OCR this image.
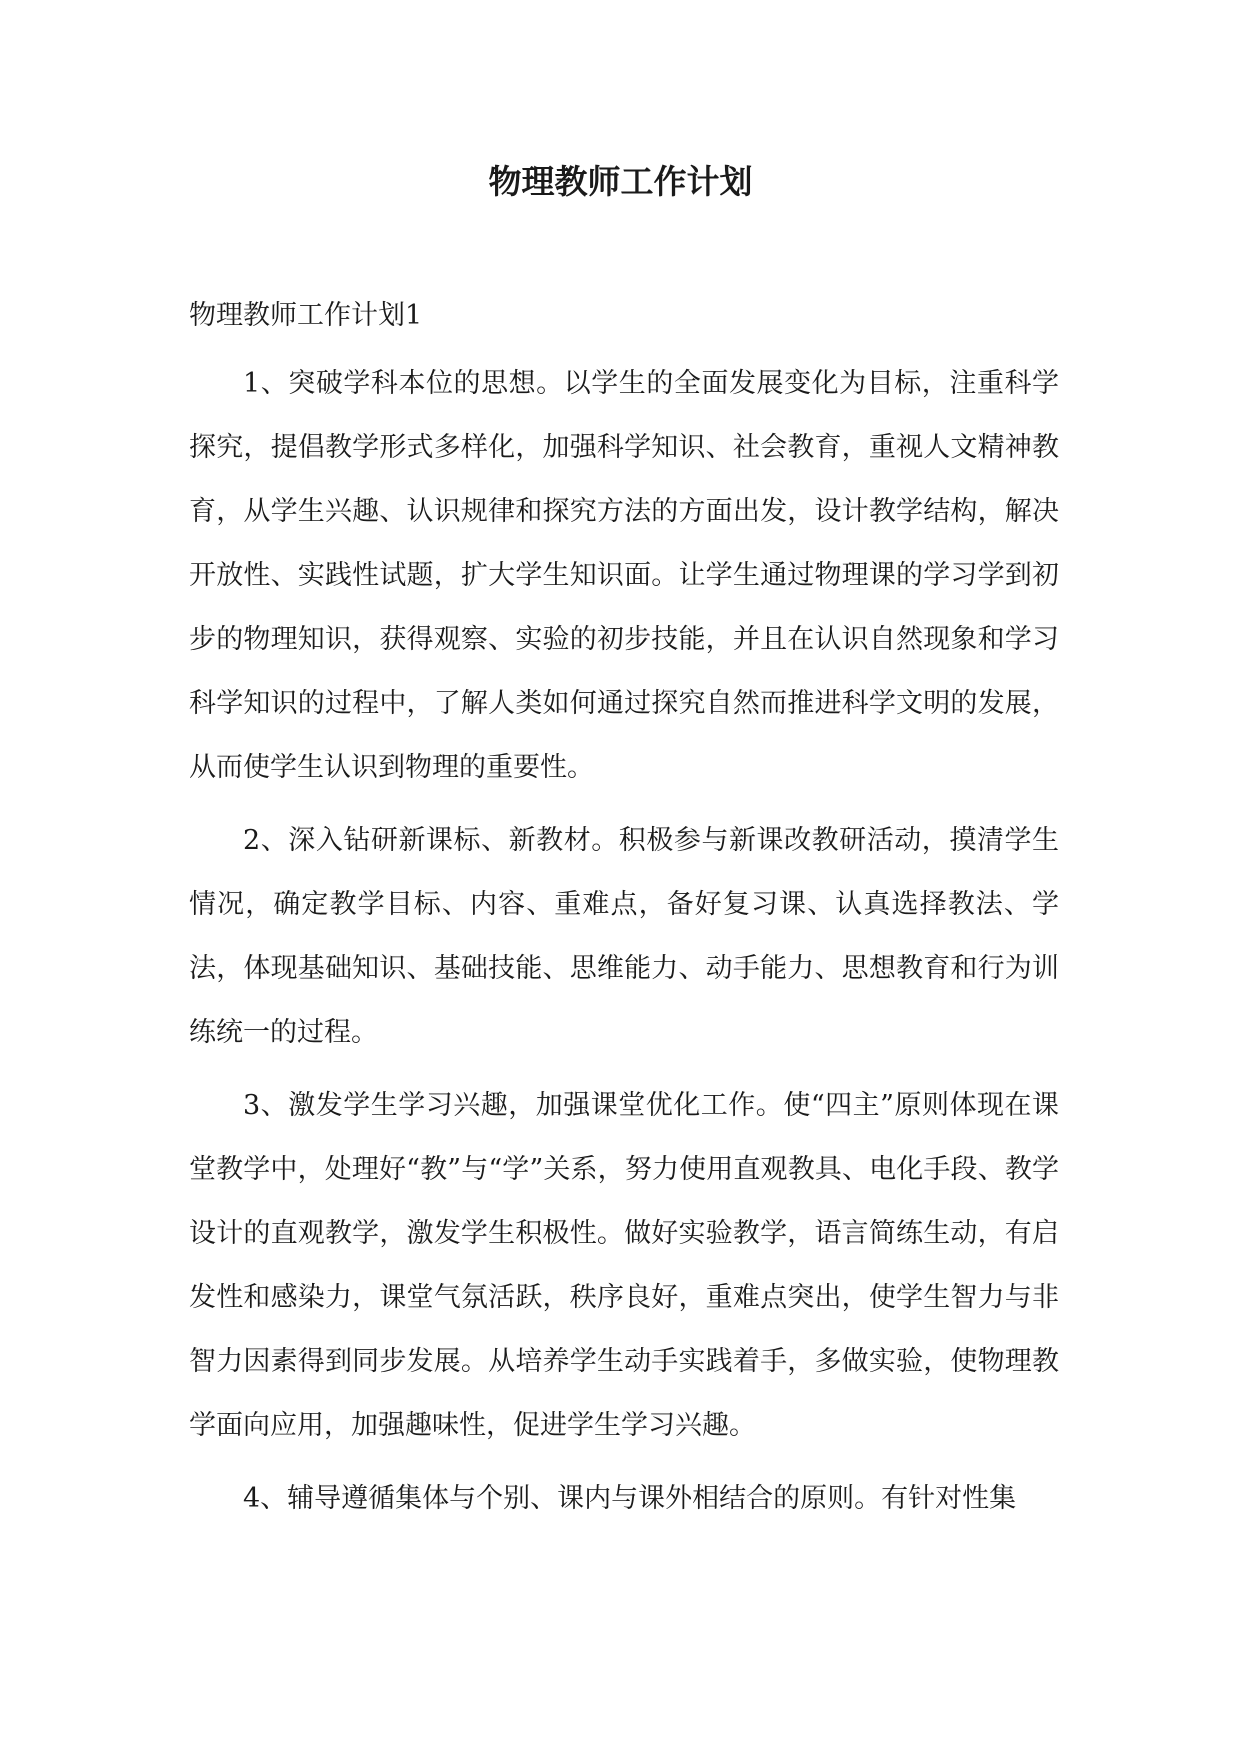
物理教师工作计划

物理教师工作计划1

1、突破学科本位的思想。以学生的全面发展变化为目标，注重科学探究，提倡教学形式多样化，加强科学知识、社会教育，重视人文精神教育，从学生兴趣、认识规律和探究方法的方面出发，设计教学结构，解决开放性、实践性试题，扩大学生知识面。让学生通过物理课的学习学到初步的物理知识，获得观察、实验的初步技能，并且在认识自然现象和学习科学知识的过程中，了解人类如何通过探究自然而推进科学文明的发展，从而使学生认识到物理的重要性。

2、深入钻研新课标、新教材。积极参与新课改教研活动，摸清学生情况，确定教学目标、内容、重难点，备好复习课、认真选择教法、学法，体现基础知识、基础技能、思维能力、动手能力、思想教育和行为训练统一的过程。

3、激发学生学习兴趣，加强课堂优化工作。使“四主”原则体现在课堂教学中，处理好“教”与“学”关系，努力使用直观教具、电化手段、教学设计的直观教学，激发学生积极性。做好实验教学，语言简练生动，有启发性和感染力，课堂气氛活跃，秩序良好，重难点突出，使学生智力与非智力因素得到同步发展。从培养学生动手实践着手，多做实验，使物理教学面向应用，加强趣味性，促进学生学习兴趣。

4、辅导遵循集体与个别、课内与课外相结合的原则。有针对性集
